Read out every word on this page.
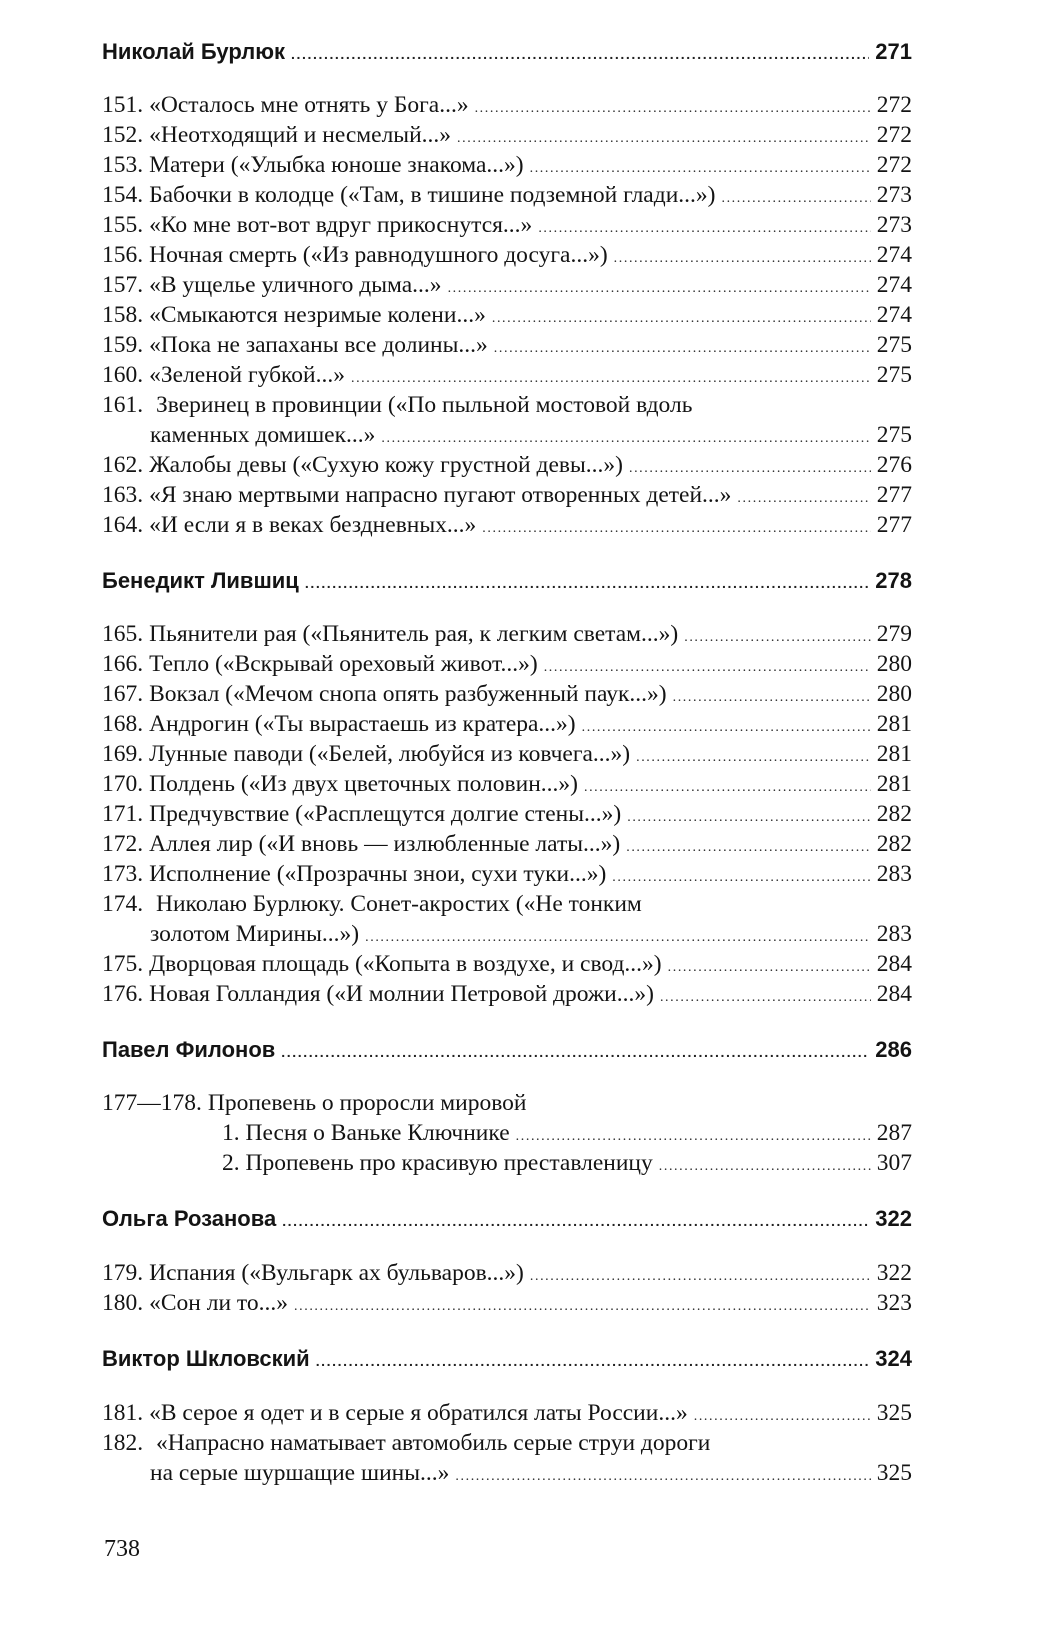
738
Николай Бурлюк .....	271
151. «Осталось мне отнять у Бога...» .....	272
152. «Неотходящий и несмелый...» .....	272
153. Матери («Улыбка юноше знакома...») .....	272
154. Бабочки в колодце («Там, в тишине подземной глади...») .....	273
155. «Ко мне вот-вот вдруг прикоснутся...» .....	273
156. Ночная смерть («Из равнодушного досуга...») .....	274
157. «В ущелье уличного дыма...» .....	274
158. «Смыкаются незримые колени...» .....	274
159. «Пока не запаханы все долины...» .....	275
160. «Зеленой губкой...» .....	275
161. Зверинец в провинции («По пыльной мостовой вдоль
каменных домишек...» .....	275
162. Жалобы девы («Сухую кожу грустной девы...») .....	276
163. «Я знаю мертвыми напрасно пугают отворенных детей...» .....	277
164. «И если я в веках бездневных...» .....	277
Бенедикт Лившиц .....	278
165. Пьянители рая («Пьянитель рая, к легким светам...») .....	279
166. Тепло («Вскрывай ореховый живот...») .....	280
167. Вокзал («Мечом снопа опять разбуженный паук...») .....	280
168. Андрогин («Ты вырастаешь из кратера...») .....	281
169. Лунные паводи («Белей, любуйся из ковчега...») .....	281
170. Полдень («Из двух цветочных половин...») .....	281
171. Предчувствие («Расплещутся долгие стены...») .....	282
172. Аллея лир («И вновь — излюбленные латы...») .....	282
173. Исполнение («Прозрачны знои, сухи туки...») .....	283
174. Николаю Бурлюку. Сонет-акростих («Не тонким
золотом Мирины...») .....	283
175. Дворцовая площадь («Копыта в воздухе, и свод...») .....	284
176. Новая Голландия («И молнии Петровой дрожи...») .....	284
Павел Филонов .....	286
177—178. Пропевень о проросли мировой
1. Песня о Ваньке Ключнике .....	287
2. Пропевень про красивую преставленицу .....	307
Ольга Розанова .....	322
179. Испания («Вульгарк ах бульваров...») .....	322
180. «Сон ли то...» .....	323
Виктор Шкловский .....	324
181. «В серое я одет и в серые я обратился латы России...» .....	325
182. «Напрасно наматывает автомобиль серые струи дороги
на серые шуршащие шины...» .....	325
